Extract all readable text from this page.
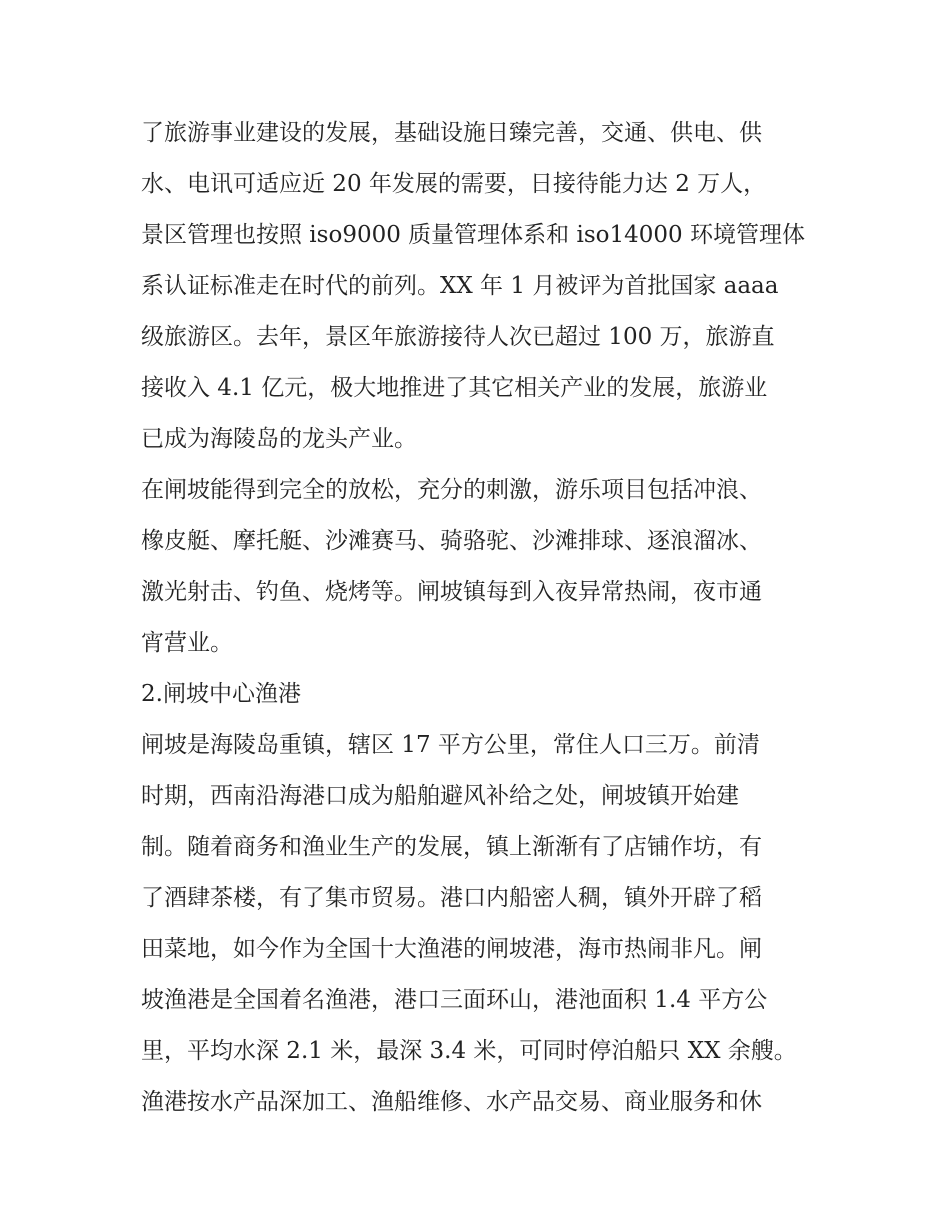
了旅游事业建设的发展，基础设施日臻完善，交通、供电、供
水、电讯可适应近 20 年发展的需要，日接待能力达 2 万人，
景区管理也按照 iso9000 质量管理体系和 iso14000 环境管理体
系认证标准走在时代的前列。XX 年 1 月被评为首批国家 aaaa
级旅游区。去年，景区年旅游接待人次已超过 100 万，旅游直
接收入 4.1 亿元，极大地推进了其它相关产业的发展，旅游业
已成为海陵岛的龙头产业。
在闸坡能得到完全的放松，充分的刺激，游乐项目包括冲浪、
橡皮艇、摩托艇、沙滩赛马、骑骆驼、沙滩排球、逐浪溜冰、
激光射击、钓鱼、烧烤等。闸坡镇每到入夜异常热闹，夜市通
宵营业。
2.闸坡中心渔港
闸坡是海陵岛重镇，辖区 17 平方公里，常住人口三万。前清
时期，西南沿海港口成为船舶避风补给之处，闸坡镇开始建
制。随着商务和渔业生产的发展，镇上渐渐有了店铺作坊，有
了酒肆茶楼，有了集市贸易。港口内船密人稠，镇外开辟了稻
田菜地，如今作为全国十大渔港的闸坡港，海市热闹非凡。闸
坡渔港是全国着名渔港，港口三面环山，港池面积 1.4 平方公
里，平均水深 2.1 米，最深 3.4 米，可同时停泊船只 XX 余艘。
渔港按水产品深加工、渔船维修、水产品交易、商业服务和休
